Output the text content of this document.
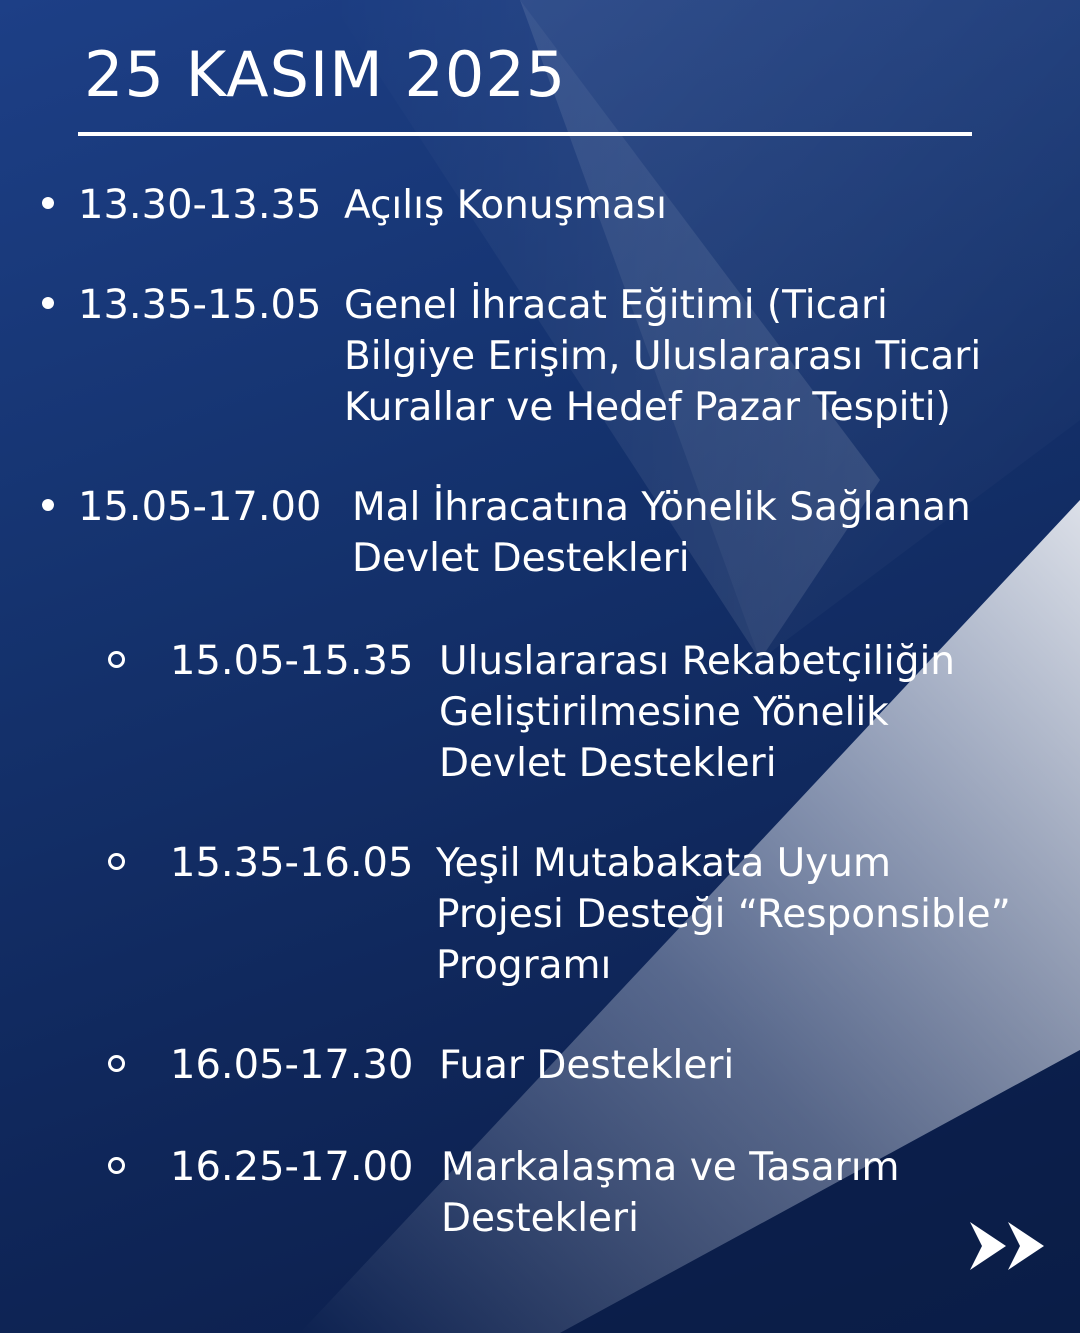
25 KASIM 2025
13.30-13.35 Açılış Konuşması
13.35-15.05 Genel İhracat Eğitimi (Ticari
Bilgiye Erişim, Uluslararası Ticari
Kurallar ve Hedef Pazar Tespiti)
15.05-17.00 Mal İhracatına Yönelik Sağlanan
Devlet Destekleri
15.05-15.35 Uluslararası Rekabetçiliğin
Geliştirilmesine Yönelik
Devlet Destekleri
15.35-16.05 Yeşil Mutabakata Uyum
Projesi Desteği “Responsible”
Programı
16.05-17.30 Fuar Destekleri
16.25-17.00 Markalaşma ve Tasarım
Destekleri
